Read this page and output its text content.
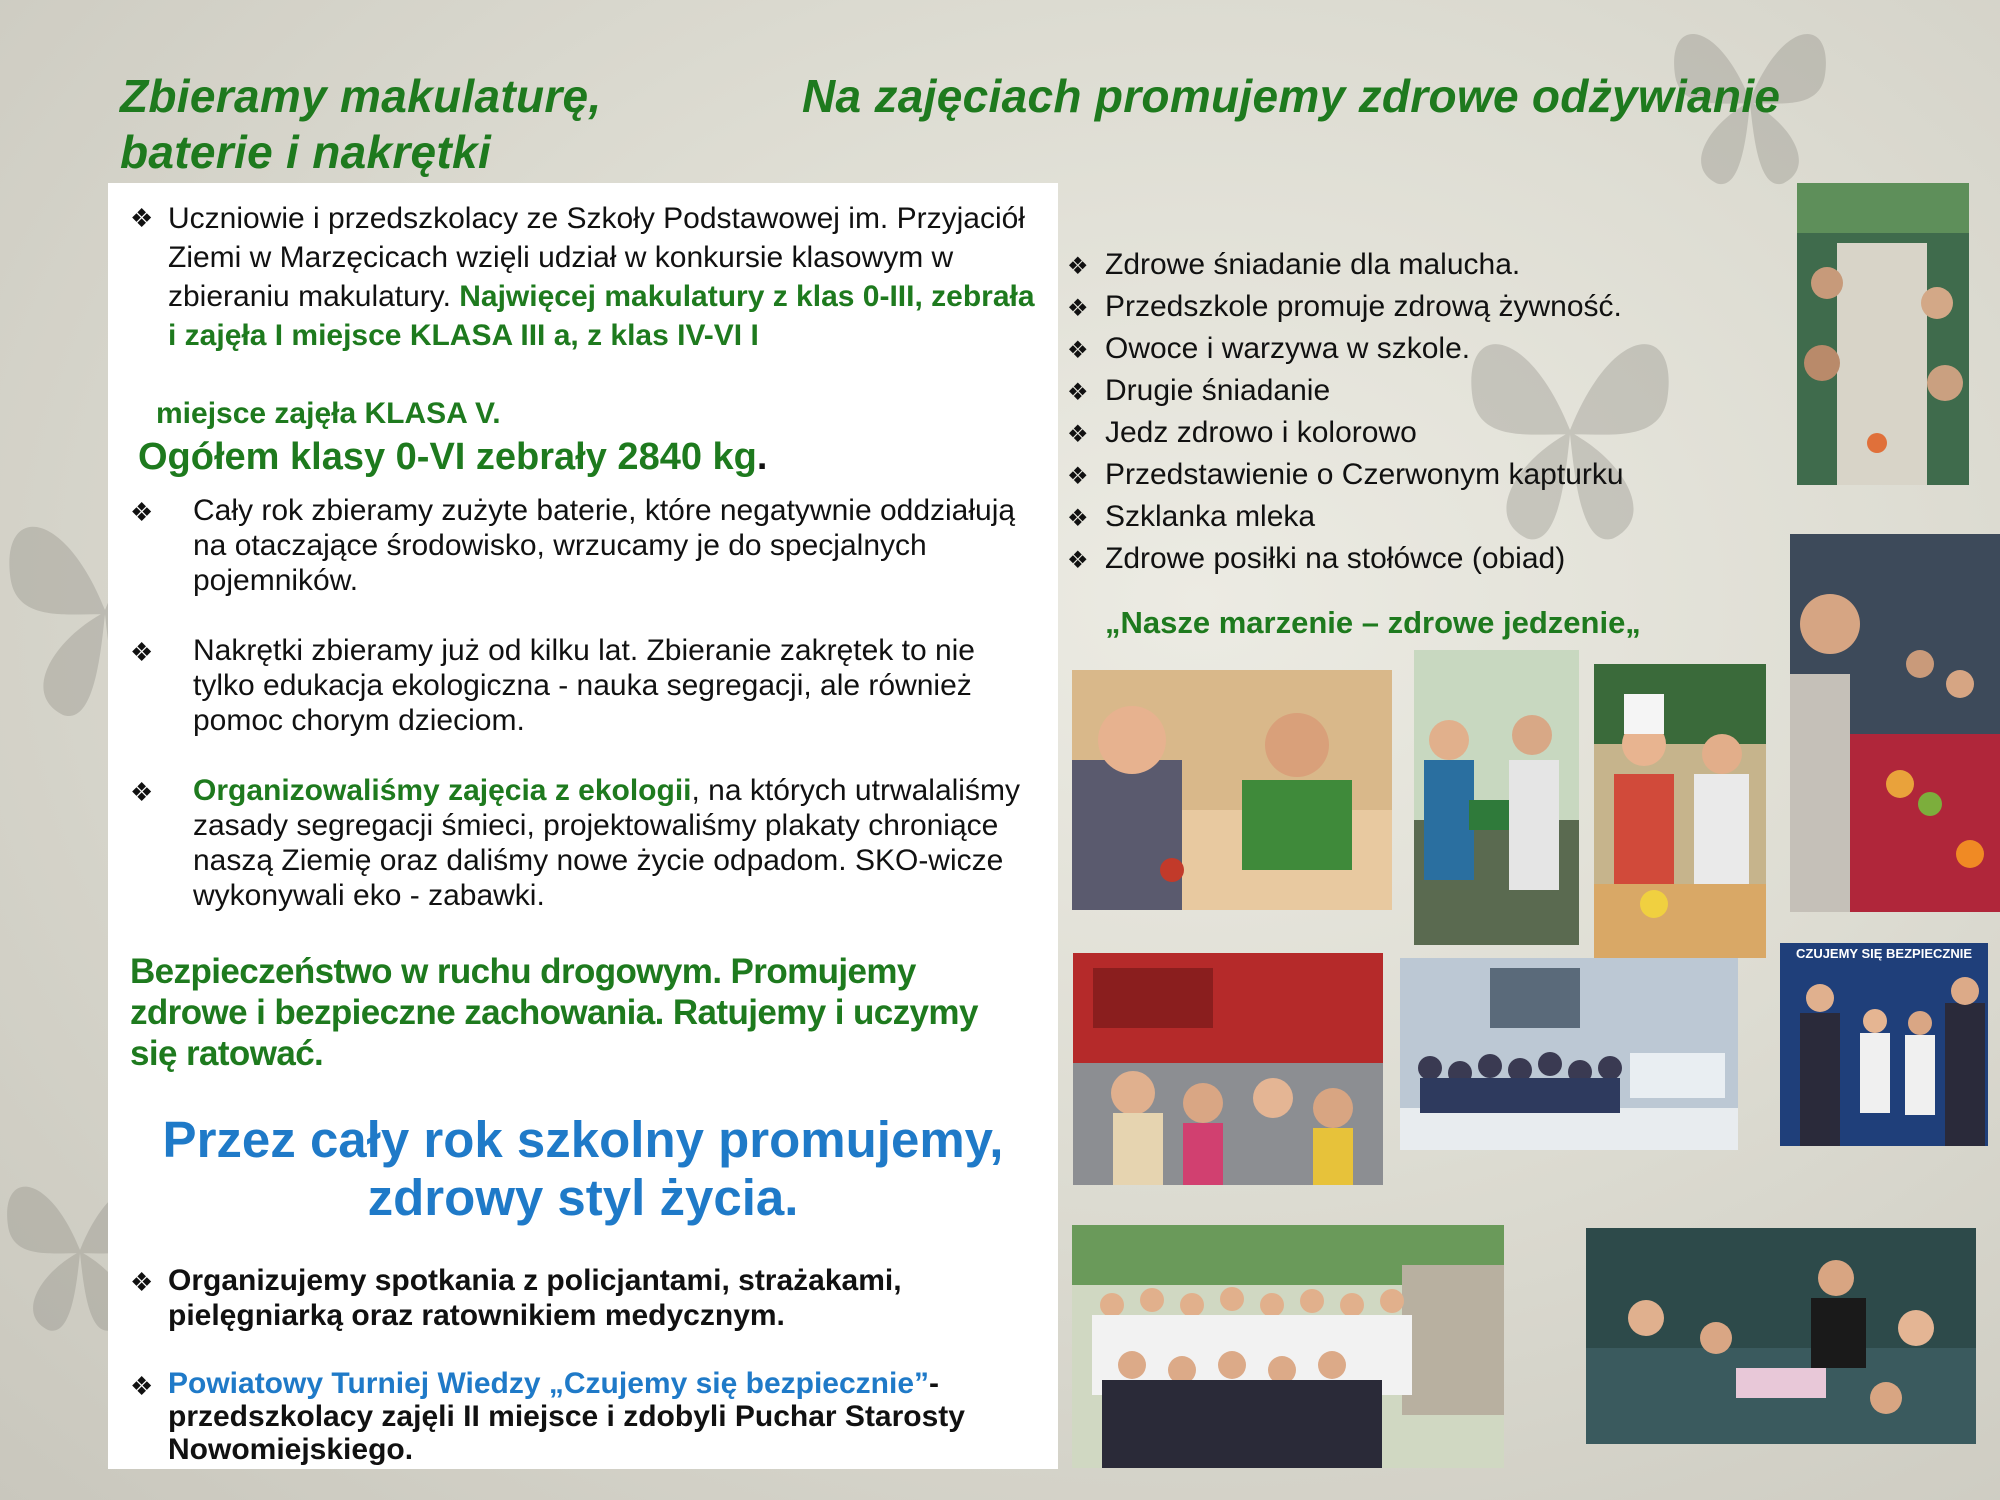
Zbieramy makulaturę, baterie i nakrętki
Na zajęciach promujemy zdrowe odżywianie
❖ Uczniowie i przedszkolacy ze Szkoły Podstawowej im. Przyjaciół Ziemi w Marzęcicach wzięli udział w konkursie klasowym w zbieraniu makulatury. Najwięcej makulatury z klas 0-III, zebrała i zajęła I miejsce KLASA III a, z klas IV-VI I
miejsce zajęła KLASA V.
Ogółem klasy 0-VI zebrały 2840 kg.
❖ Cały rok zbieramy zużyte baterie, które negatywnie oddziałują na otaczające środowisko, wrzucamy je do specjalnych pojemników.
❖ Nakrętki zbieramy już od kilku lat. Zbieranie zakrętek to nie tylko edukacja ekologiczna - nauka segregacji, ale również pomoc chorym dzieciom.
❖ Organizowaliśmy zajęcia z ekologii, na których utrwalaliśmy zasady segregacji śmieci, projektowaliśmy plakaty chroniące naszą Ziemię oraz daliśmy nowe życie odpadom. SKO-wicze wykonywali eko - zabawki.
Bezpieczeństwo w ruchu drogowym. Promujemy zdrowe i bezpieczne zachowania. Ratujemy i uczymy się ratować.
Przez cały rok szkolny promujemy, zdrowy styl życia.
❖ Organizujemy spotkania z policjantami, strażakami, pielęgniarką oraz ratownikiem medycznym.
❖ Powiatowy Turniej Wiedzy „Czujemy się bezpiecznie”-przedszkolacy zajęli II miejsce i zdobyli Puchar Starosty Nowomiejskiego.
❖ Zdrowe śniadanie dla malucha.
❖ Przedszkole promuje zdrową żywność.
❖ Owoce i warzywa w szkole.
❖ Drugie śniadanie
❖ Jedz zdrowo i kolorowo
❖ Przedstawienie o Czerwonym kapturku
❖ Szklanka mleka
❖ Zdrowe posiłki na stołówce (obiad)
„Nasze marzenie – zdrowe jedzenie„
CZUJEMY SIĘ BEZPIECZNIE
